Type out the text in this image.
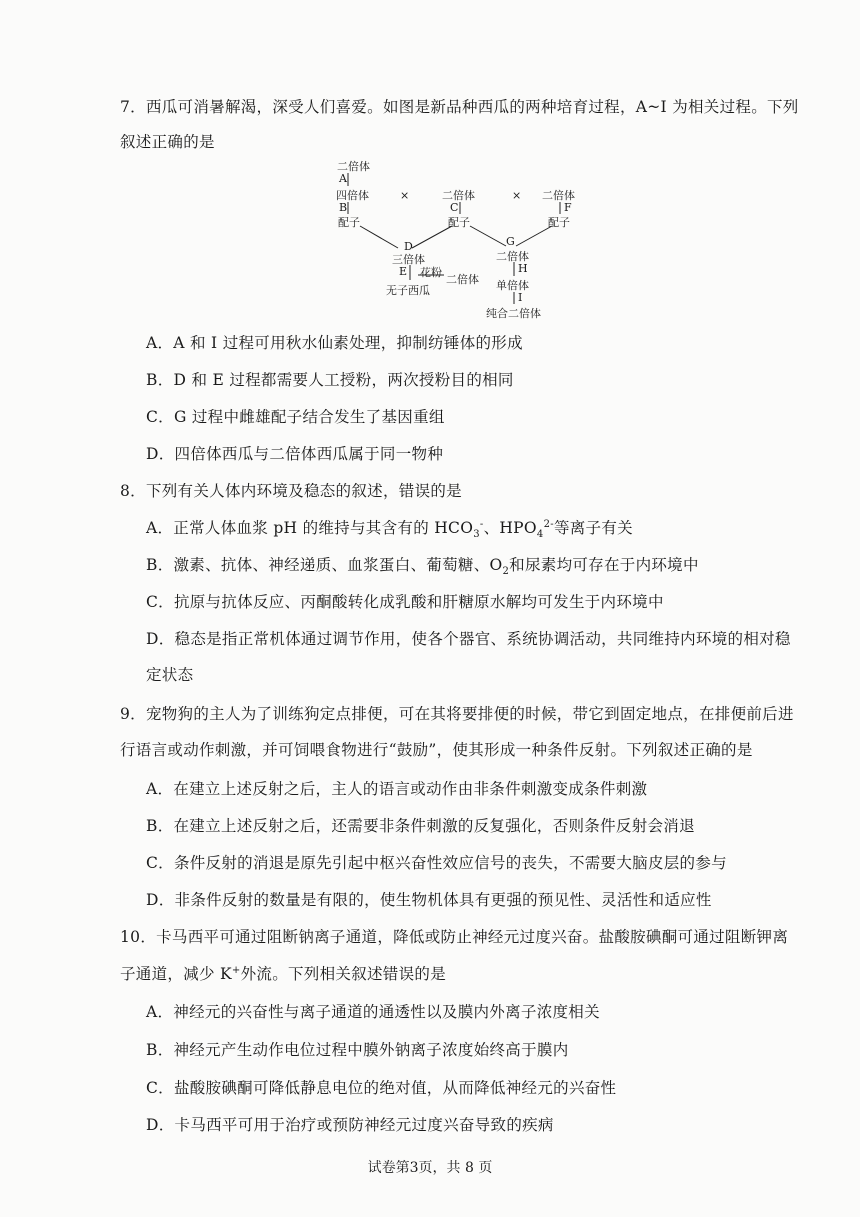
7．西瓜可消暑解渴，深受人们喜爱。如图是新品种西瓜的两种培育过程，A~I 为相关过程。下列
叙述正确的是
二倍体
A
四倍体
B
配子
×	二倍体
C
配子
× 二倍体
F
配子
D
三倍体
E 花粉
二倍体
无子西瓜
G
二倍体
H
单倍体
I
纯合二倍体
A．A 和 I 过程可用秋水仙素处理，抑制纺锤体的形成
B．D 和 E 过程都需要人工授粉，两次授粉目的相同
C．G 过程中雌雄配子结合发生了基因重组
D．四倍体西瓜与二倍体西瓜属于同一物种
8．下列有关人体内环境及稳态的叙述，错误的是
A．正常人体血浆 pH 的维持与其含有的 $HCO_3^-$、$HPO_4^{2-}$等离子有关
B．激素、抗体、神经递质、血浆蛋白、葡萄糖、$O_2$和尿素均可存在于内环境中
C．抗原与抗体反应、丙酮酸转化成乳酸和肝糖原水解均可发生于内环境中
D．稳态是指正常机体通过调节作用，使各个器官、系统协调活动，共同维持内环境的相对稳
定状态
9．宠物狗的主人为了训练狗定点排便，可在其将要排便的时候，带它到固定地点，在排便前后进
行语言或动作刺激，并可饲喂食物进行“鼓励”，使其形成一种条件反射。下列叙述正确的是
A．在建立上述反射之后，主人的语言或动作由非条件刺激变成条件刺激
B．在建立上述反射之后，还需要非条件刺激的反复强化，否则条件反射会消退
C．条件反射的消退是原先引起中枢兴奋性效应信号的丧失，不需要大脑皮层的参与
D．非条件反射的数量是有限的，使生物机体具有更强的预见性、灵活性和适应性
10．卡马西平可通过阻断钠离子通道，降低或防止神经元过度兴奋。盐酸胺碘酮可通过阻断钾离
子通道，减少 K+外流。下列相关叙述错误的是
A．神经元的兴奋性与离子通道的通透性以及膜内外离子浓度相关
B．神经元产生动作电位过程中膜外钠离子浓度始终高于膜内
C．盐酸胺碘酮可降低静息电位的绝对值，从而降低神经元的兴奋性
D．卡马西平可用于治疗或预防神经元过度兴奋导致的疾病
试卷第3页，共 8 页
